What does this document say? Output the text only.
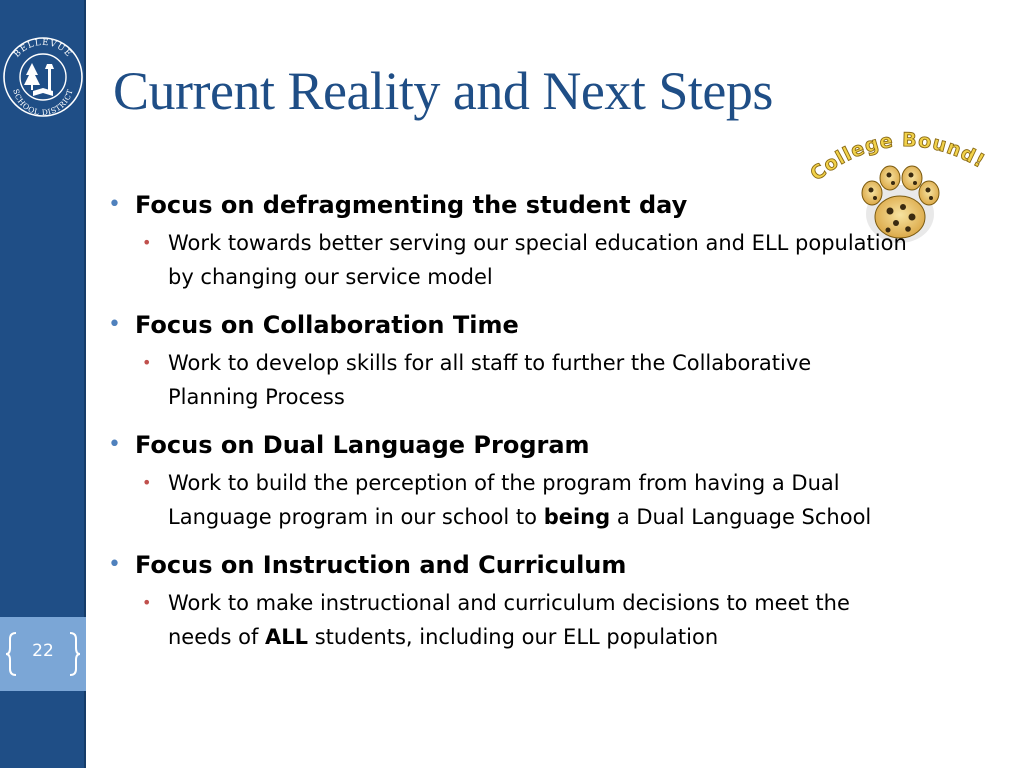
BELLEVUE
SCHOOL DISTRICT
22
Current Reality and Next Steps
College Bound!
• Focus on defragmenting the student day
• Work towards better serving our special education and ELL population by changing our service model
• Focus on Collaboration Time
• Work to develop skills for all staff to further the Collaborative Planning Process
• Focus on Dual Language Program
• Work to build the perception of the program from having a Dual Language program in our school to being a Dual Language School
• Focus on Instruction and Curriculum
• Work to make instructional and curriculum decisions to meet the needs of ALL students, including our ELL population
